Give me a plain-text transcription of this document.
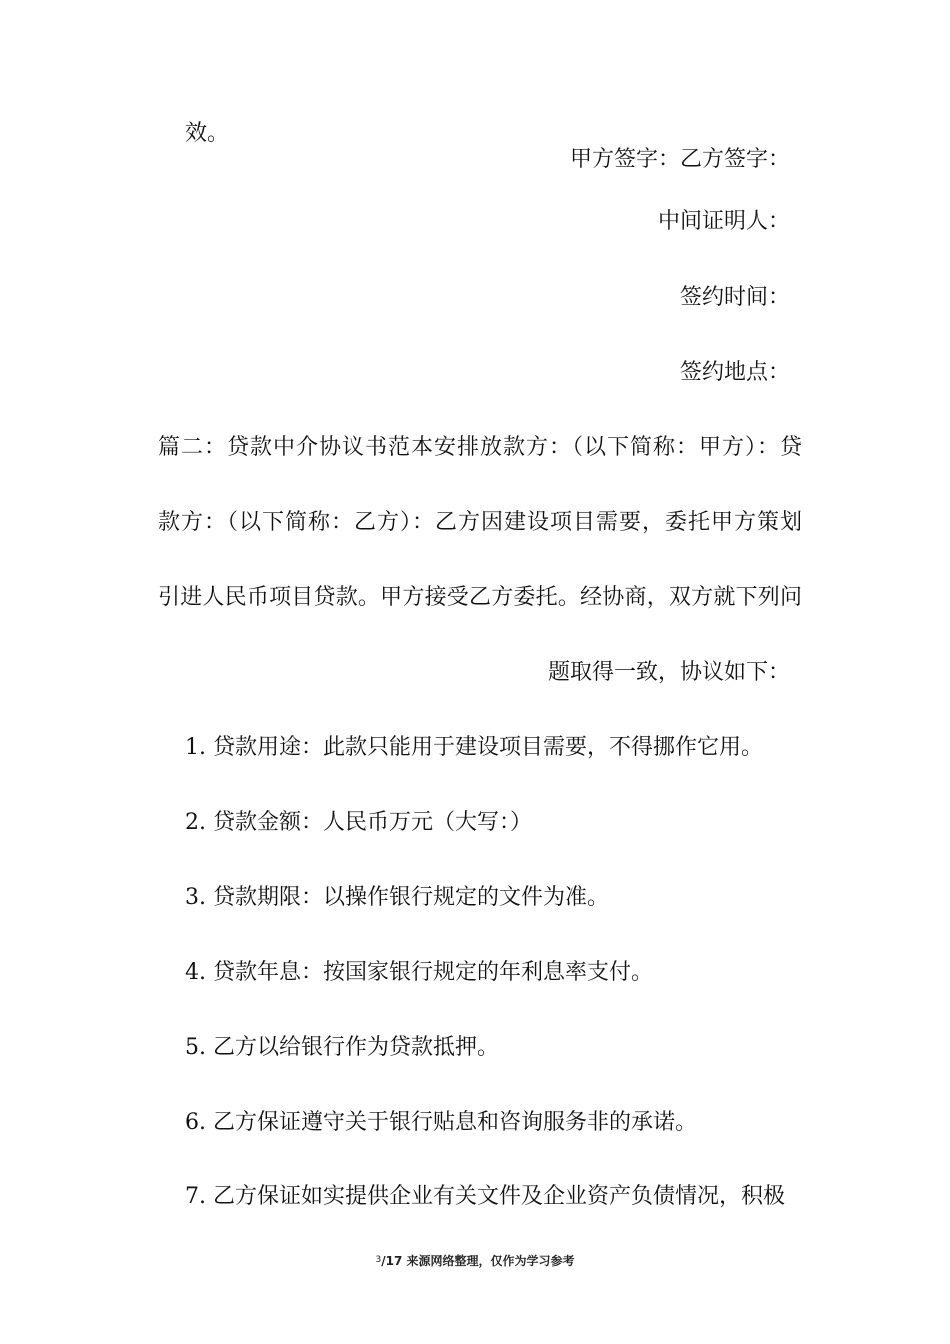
效。
甲方签字：乙方签字：
中间证明人：
签约时间：
签约地点：
篇二：贷款中介协议书范本安排放款方：（以下简称：甲方）：贷
款方：（以下简称：乙方）：乙方因建设项目需要，委托甲方策划
引进人民币项目贷款。甲方接受乙方委托。经协商，双方就下列问
题取得一致，协议如下：
1. 贷款用途：此款只能用于建设项目需要，不得挪作它用。
2. 贷款金额：人民币万元（大写：）
3. 贷款期限：以操作银行规定的文件为准。
4. 贷款年息：按国家银行规定的年利息率支付。
5. 乙方以给银行作为贷款抵押。
6. 乙方保证遵守关于银行贴息和咨询服务非的承诺。
7. 乙方保证如实提供企业有关文件及企业资产负债情况，积极
$^3$/17 来源网络整理，仅作为学习参考
